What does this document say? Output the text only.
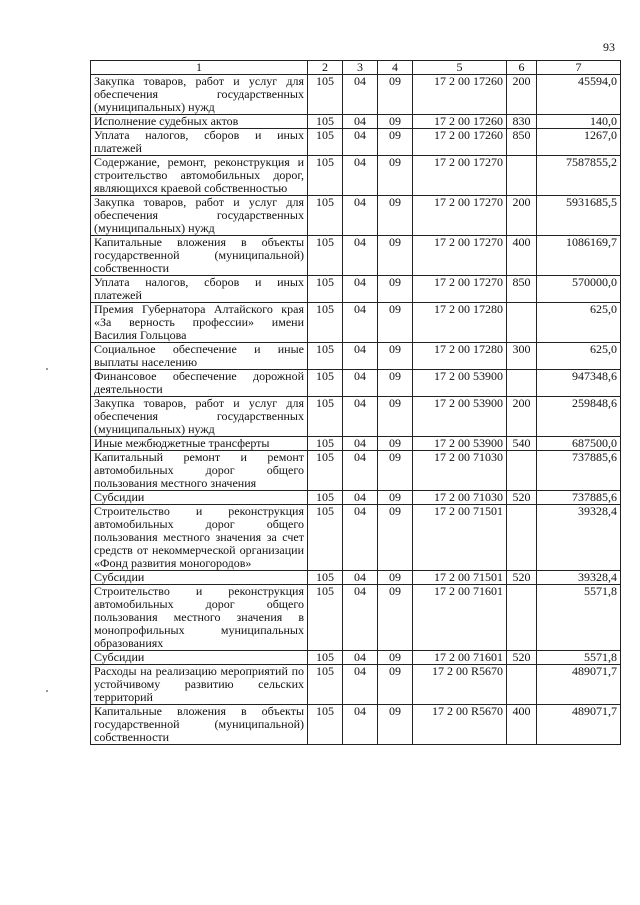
93
1	2	3	4	5	6	7
Закупка товаров, работ и услуг для обеспечения государственных (муниципальных) нужд	105	04	09	17 2 00 17260	200	45594,0
Исполнение судебных актов	105	04	09	17 2 00 17260	830	140,0
Уплата налогов, сборов и иных платежей	105	04	09	17 2 00 17260	850	1267,0
Содержание, ремонт, реконструкция и строительство автомобильных дорог, являющихся краевой собственностью	105	04	09	17 2 00 17270		7587855,2
Закупка товаров, работ и услуг для обеспечения государственных (муниципальных) нужд	105	04	09	17 2 00 17270	200	5931685,5
Капитальные вложения в объекты государственной (муниципальной) собственности	105	04	09	17 2 00 17270	400	1086169,7
Уплата налогов, сборов и иных платежей	105	04	09	17 2 00 17270	850	570000,0
Премия Губернатора Алтайского края «За верность профессии» имени Василия Гольцова	105	04	09	17 2 00 17280		625,0
Социальное обеспечение и иные выплаты населению	105	04	09	17 2 00 17280	300	625,0
Финансовое обеспечение дорожной деятельности	105	04	09	17 2 00 53900		947348,6
Закупка товаров, работ и услуг для обеспечения государственных (муниципальных) нужд	105	04	09	17 2 00 53900	200	259848,6
Иные межбюджетные трансферты	105	04	09	17 2 00 53900	540	687500,0
Капитальный ремонт и ремонт автомобильных дорог общего пользования местного значения	105	04	09	17 2 00 71030		737885,6
Субсидии	105	04	09	17 2 00 71030	520	737885,6
Строительство и реконструкция автомобильных дорог общего пользования местного значения за счет средств от некоммерческой организации «Фонд развития моногородов»	105	04	09	17 2 00 71501		39328,4
Субсидии	105	04	09	17 2 00 71501	520	39328,4
Строительство и реконструкция автомобильных дорог общего пользования местного значения в монопрофильных муниципальных образованиях	105	04	09	17 2 00 71601		5571,8
Субсидии	105	04	09	17 2 00 71601	520	5571,8
Расходы на реализацию мероприятий по устойчивому развитию сельских территорий	105	04	09	17 2 00 R5670		489071,7
Капитальные вложения в объекты государственной (муниципальной) собственности	105	04	09	17 2 00 R5670	400	489071,7
